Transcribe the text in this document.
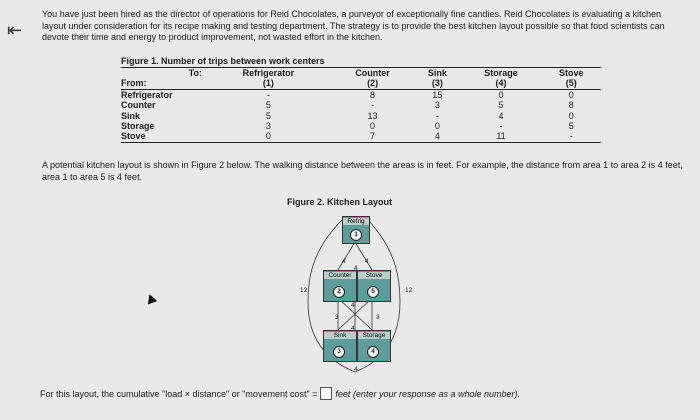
⇤
You have just been hired as the director of operations for Reid Chocolates, a purveyor of exceptionally fine candies. Reid Chocolates is evaluating a kitchen layout under consideration for its recipe making and testing department. The strategy is to provide the best kitchen layout possible so that food scientists can devote their time and energy to product improvement, not wasted effort in the kitchen.
Figure 1. Number of trips between work centers
To:	Refrigerator	Counter	Sink	Storage	Stove
From:	(1)	(2)	(3)	(4)	(5)
Refrigerator	-	8	15	0	0
Counter	5	-	3	5	8
Sink	5	13	-	4	0
Storage	3	0	0	-	5
Stove	0	7	4	11	-
A potential kitchen layout is shown in Figure 2 below. The walking distance between the areas is in feet. For example, the distance from area 1 to area 2 is 4 feet, area 1 to area 5 is 4 feet.
Figure 2. Kitchen Layout
Refrig
1
Counter
2
Stove
5
Sink
3
Storage
4
4	4
4
12	12
4
3	3
4
4
For this layout, the cumulative "load × distance" or "movement cost" = feet (enter your response as a whole number).
